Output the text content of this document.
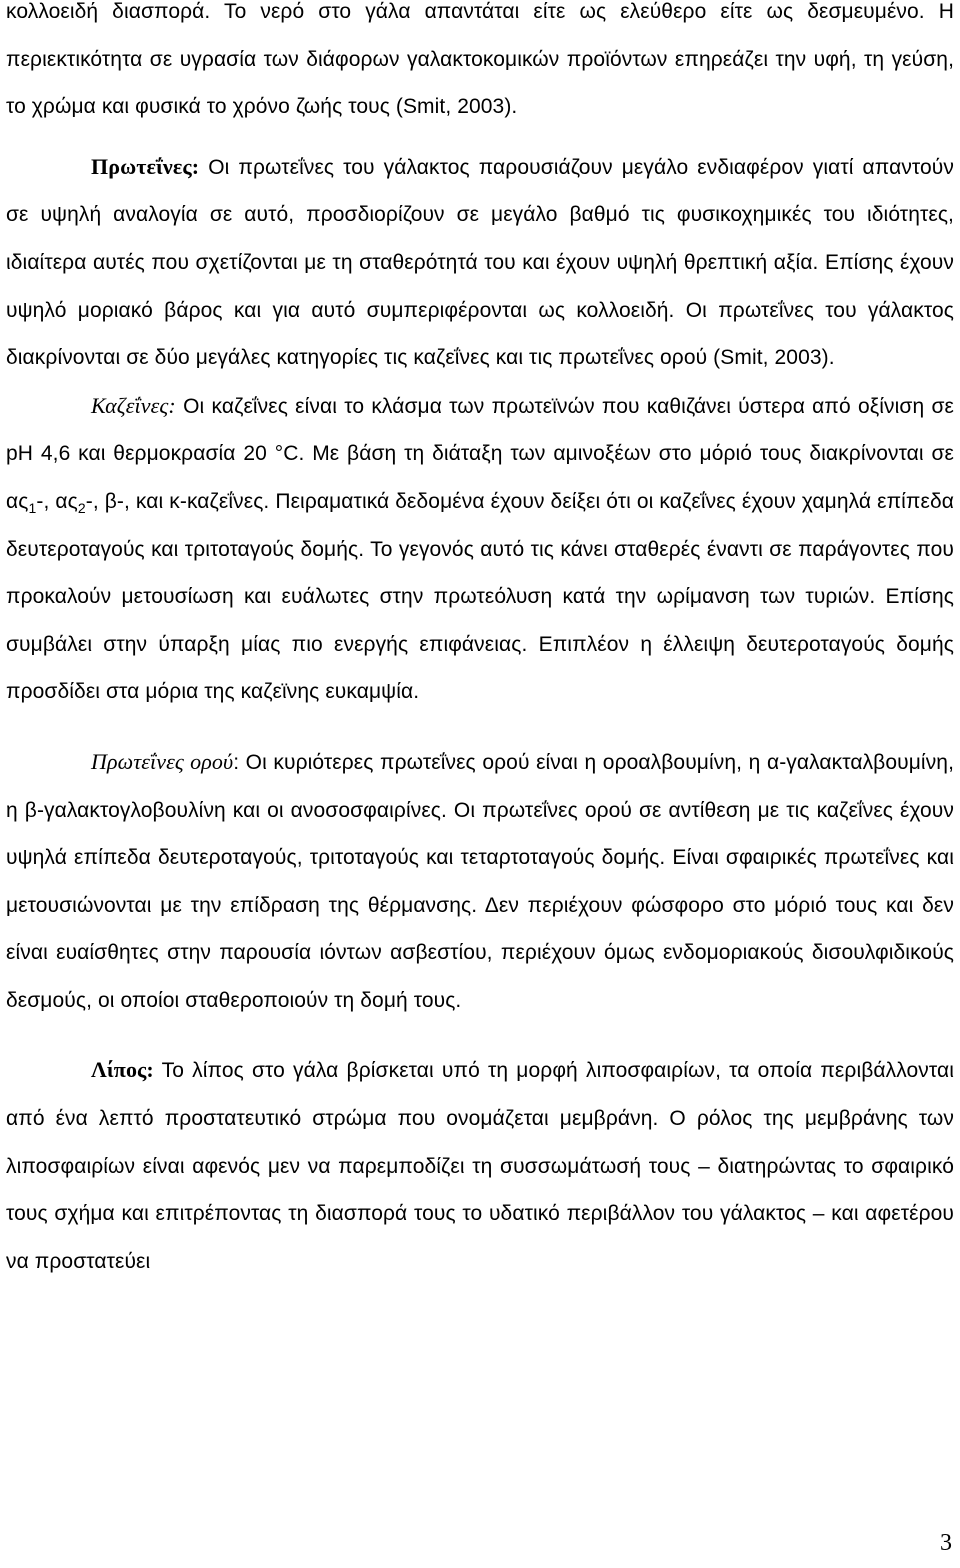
κολλοειδή διασπορά. Το νερό στο γάλα απαντάται είτε ως ελεύθερο είτε ως δεσμευμένο. Η περιεκτικότητα σε υγρασία των διάφορων γαλακτοκομικών προϊόντων επηρεάζει την υφή, τη γεύση, το χρώμα και φυσικά το χρόνο ζωής τους (Smit, 2003).

Πρωτεΐνες: Οι πρωτεΐνες του γάλακτος παρουσιάζουν μεγάλο ενδιαφέρον γιατί απαντούν σε υψηλή αναλογία σε αυτό, προσδιορίζουν σε μεγάλο βαθμό τις φυσικοχημικές του ιδιότητες, ιδιαίτερα αυτές που σχετίζονται με τη σταθερότητά του και έχουν υψηλή θρεπτική αξία. Επίσης έχουν υψηλό μοριακό βάρος και για αυτό συμπεριφέρονται ως κολλοειδή. Οι πρωτεΐνες του γάλακτος διακρίνονται σε δύο μεγάλες κατηγορίες τις καζεΐνες και τις πρωτεΐνες ορού (Smit, 2003).

Καζεΐνες: Οι καζεΐνες είναι το κλάσμα των πρωτεϊνών που καθιζάνει ύστερα από οξίνιση σε pH 4,6 και θερμοκρασία 20 °C. Με βάση τη διάταξη των αμινοξέων στο μόριό τους διακρίνονται σε $\alpha\varsigma_1-$, $\alpha\varsigma_2-$, β-, και κ-καζεΐνες. Πειραματικά δεδομένα έχουν δείξει ότι οι καζεΐνες έχουν χαμηλά επίπεδα δευτεροταγούς και τριτοταγούς δομής. Το γεγονός αυτό τις κάνει σταθερές έναντι σε παράγοντες που προκαλούν μετουσίωση και ευάλωτες στην πρωτεόλυση κατά την ωρίμανση των τυριών. Επίσης συμβάλει στην ύπαρξη μίας πιο ενεργής επιφάνειας. Επιπλέον η έλλειψη δευτεροταγούς δομής προσδίδει στα μόρια της καζεϊνης ευκαμψία.

Πρωτεΐνες ορού: Οι κυριότερες πρωτεΐνες ορού είναι η οροαλβουμίνη, η α-γαλακταλβουμίνη, η β-γαλακτογλοβουλίνη και οι ανοσοσφαιρίνες. Οι πρωτεΐνες ορού σε αντίθεση με τις καζεΐνες έχουν υψηλά επίπεδα δευτεροταγούς, τριτοταγούς και τεταρτοταγούς δομής. Είναι σφαιρικές πρωτεΐνες και μετουσιώνονται με την επίδραση της θέρμανσης. Δεν περιέχουν φώσφορο στο μόριό τους και δεν είναι ευαίσθητες στην παρουσία ιόντων ασβεστίου, περιέχουν όμως ενδομοριακούς δισουλφιδικούς δεσμούς, οι οποίοι σταθεροποιούν τη δομή τους.

Λίπος: Το λίπος στο γάλα βρίσκεται υπό τη μορφή λιποσφαιρίων, τα οποία περιβάλλονται από ένα λεπτό προστατευτικό στρώμα που ονομάζεται μεμβράνη. Ο ρόλος της μεμβράνης των λιποσφαιρίων είναι αφενός μεν να παρεμποδίζει τη συσσωμάτωσή τους – διατηρώντας το σφαιρικό τους σχήμα και επιτρέποντας τη διασπορά τους το υδατικό περιβάλλον του γάλακτος – και αφετέρου να προστατεύει

3
